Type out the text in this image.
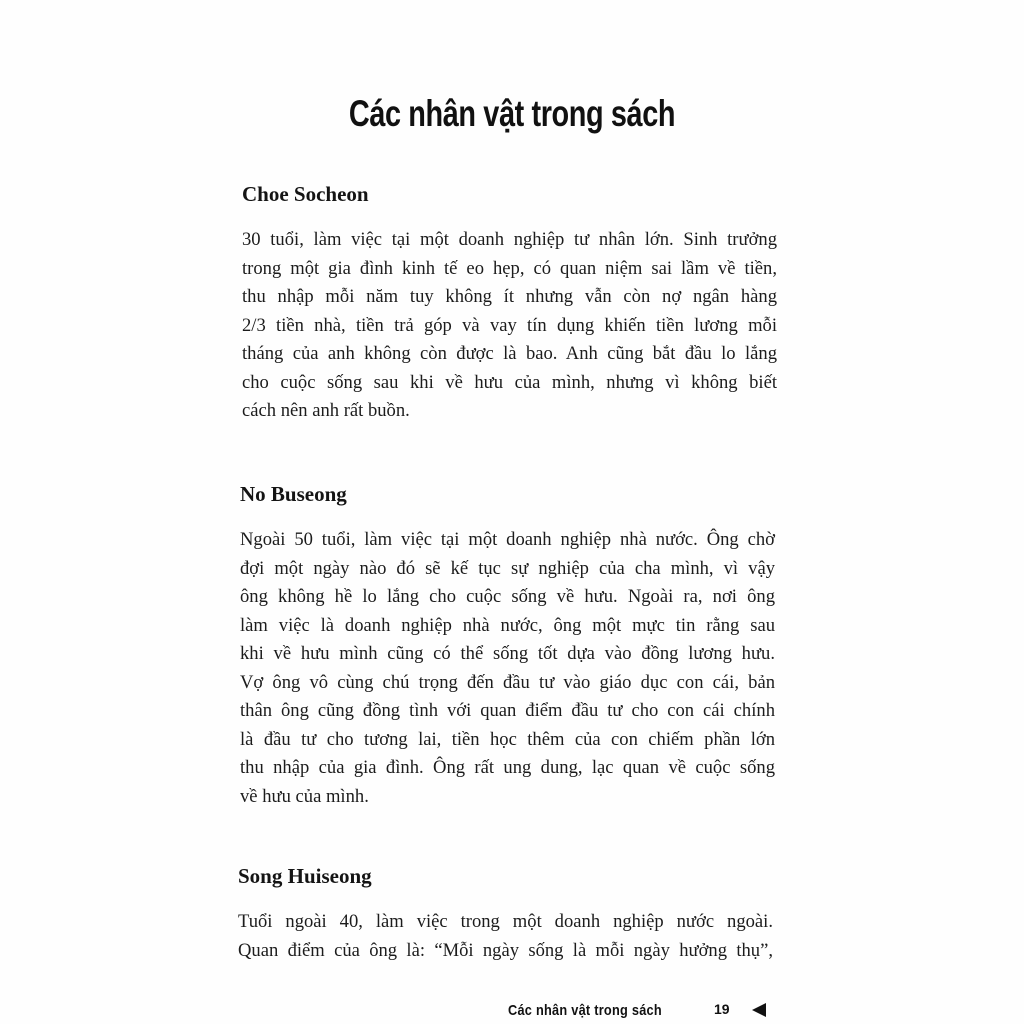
Các nhân vật trong sách
Choe Socheon

30 tuổi, làm việc tại một doanh nghiệp tư nhân lớn. Sinh trưởng
trong một gia đình kinh tế eo hẹp, có quan niệm sai lầm về tiền,
thu nhập mỗi năm tuy không ít nhưng vẫn còn nợ ngân hàng
2/3 tiền nhà, tiền trả góp và vay tín dụng khiến tiền lương mỗi
tháng của anh không còn được là bao. Anh cũng bắt đầu lo lắng
cho cuộc sống sau khi về hưu của mình, nhưng vì không biết
cách nên anh rất buồn.

No Buseong

Ngoài 50 tuổi, làm việc tại một doanh nghiệp nhà nước. Ông chờ
đợi một ngày nào đó sẽ kế tục sự nghiệp của cha mình, vì vậy
ông không hề lo lắng cho cuộc sống về hưu. Ngoài ra, nơi ông
làm việc là doanh nghiệp nhà nước, ông một mực tin rằng sau
khi về hưu mình cũng có thể sống tốt dựa vào đồng lương hưu.
Vợ ông vô cùng chú trọng đến đầu tư vào giáo dục con cái, bản
thân ông cũng đồng tình với quan điểm đầu tư cho con cái chính
là đầu tư cho tương lai, tiền học thêm của con chiếm phần lớn
thu nhập của gia đình. Ông rất ung dung, lạc quan về cuộc sống
về hưu của mình.

Song Huiseong

Tuổi ngoài 40, làm việc trong một doanh nghiệp nước ngoài.
Quan điểm của ông là: “Mỗi ngày sống là mỗi ngày hưởng thụ”,

Các nhân vật trong sách	19
